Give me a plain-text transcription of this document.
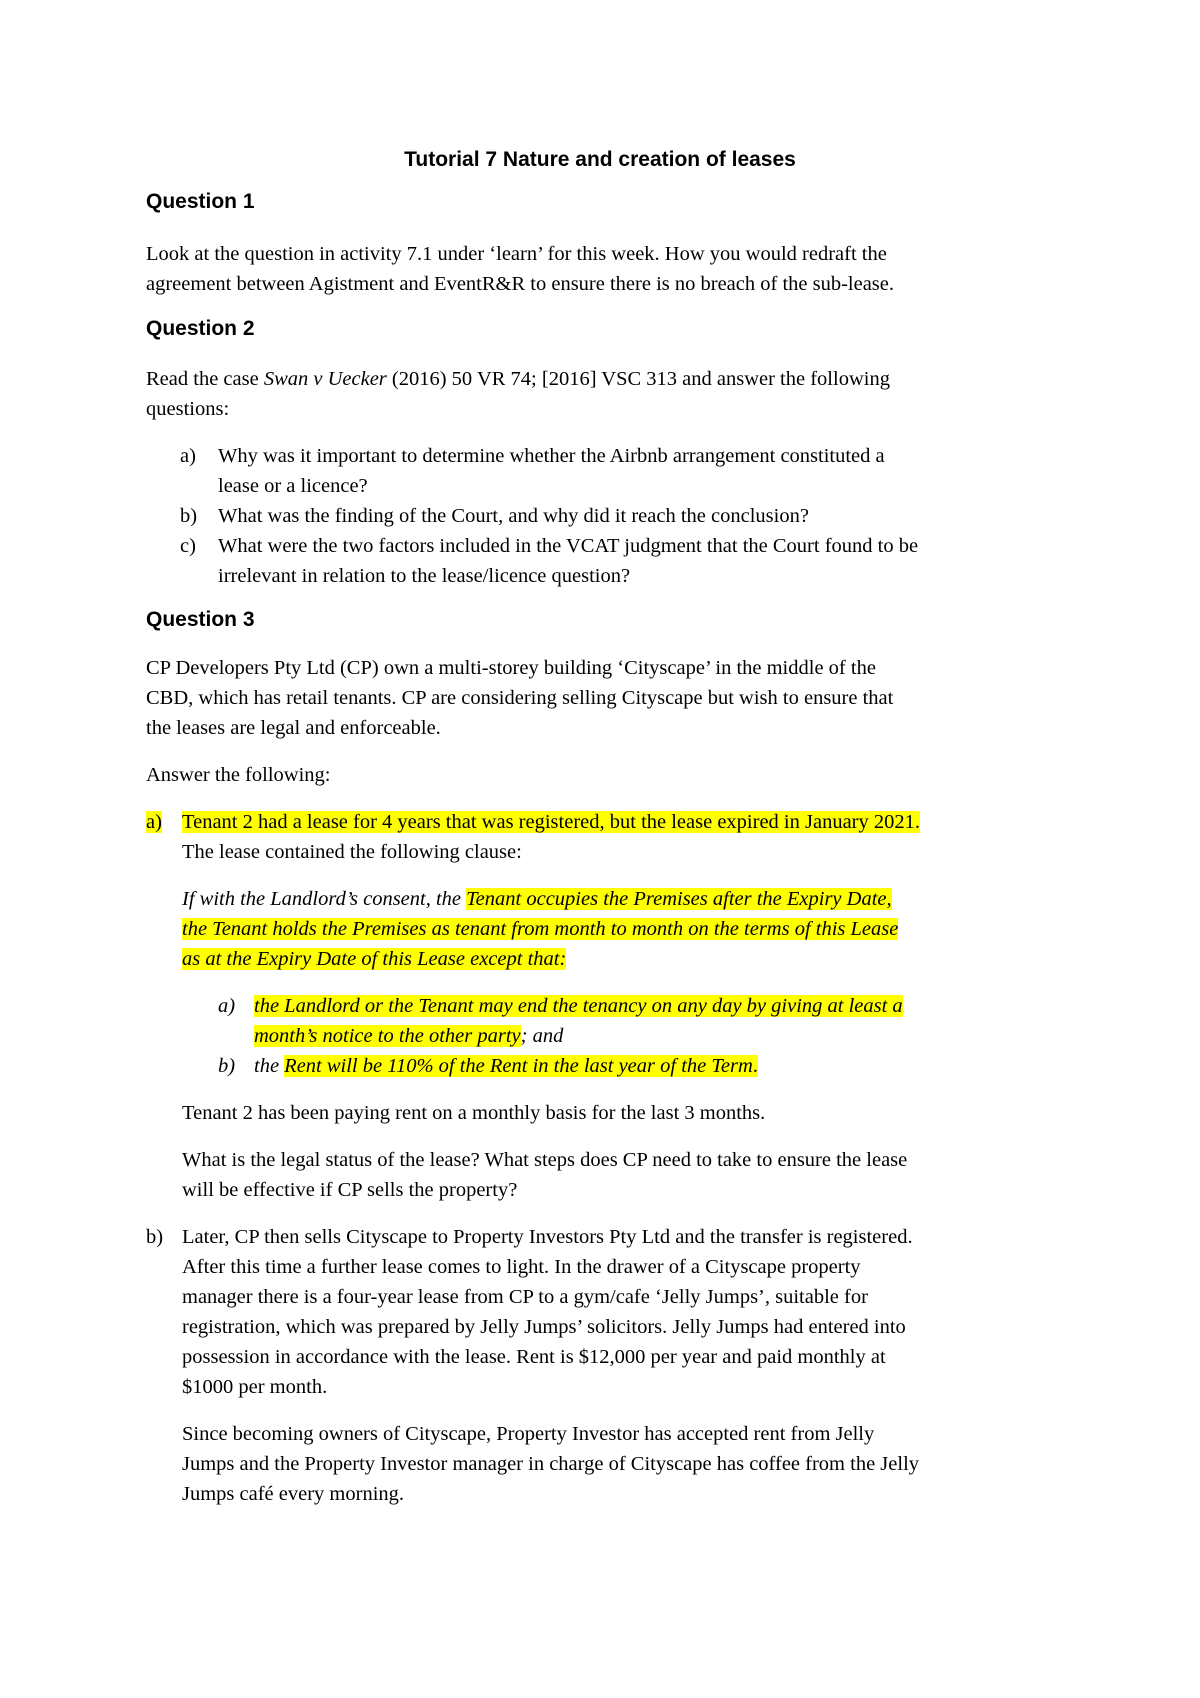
Tutorial 7 Nature and creation of leases
Question 1
Look at the question in activity 7.1 under ‘learn’ for this week. How you would redraft the
agreement between Agistment and EventR&R to ensure there is no breach of the sub-lease.
Question 2
Read the case Swan v Uecker (2016) 50 VR 74; [2016] VSC 313 and answer the following
questions:
a) Why was it important to determine whether the Airbnb arrangement constituted a
lease or a licence?
b) What was the finding of the Court, and why did it reach the conclusion?
c) What were the two factors included in the VCAT judgment that the Court found to be
irrelevant in relation to the lease/licence question?
Question 3
CP Developers Pty Ltd (CP) own a multi-storey building ‘Cityscape’ in the middle of the
CBD, which has retail tenants. CP are considering selling Cityscape but wish to ensure that
the leases are legal and enforceable.
Answer the following:
a) Tenant 2 had a lease for 4 years that was registered, but the lease expired in January 2021.
The lease contained the following clause:
If with the Landlord’s consent, the Tenant occupies the Premises after the Expiry Date,
the Tenant holds the Premises as tenant from month to month on the terms of this Lease
as at the Expiry Date of this Lease except that:
a) the Landlord or the Tenant may end the tenancy on any day by giving at least a
month’s notice to the other party; and
b) the Rent will be 110% of the Rent in the last year of the Term.
Tenant 2 has been paying rent on a monthly basis for the last 3 months.
What is the legal status of the lease? What steps does CP need to take to ensure the lease
will be effective if CP sells the property?
b) Later, CP then sells Cityscape to Property Investors Pty Ltd and the transfer is registered.
After this time a further lease comes to light. In the drawer of a Cityscape property
manager there is a four-year lease from CP to a gym/cafe ‘Jelly Jumps’, suitable for
registration, which was prepared by Jelly Jumps’ solicitors. Jelly Jumps had entered into
possession in accordance with the lease. Rent is $12,000 per year and paid monthly at
$1000 per month.
Since becoming owners of Cityscape, Property Investor has accepted rent from Jelly
Jumps and the Property Investor manager in charge of Cityscape has coffee from the Jelly
Jumps café every morning.
